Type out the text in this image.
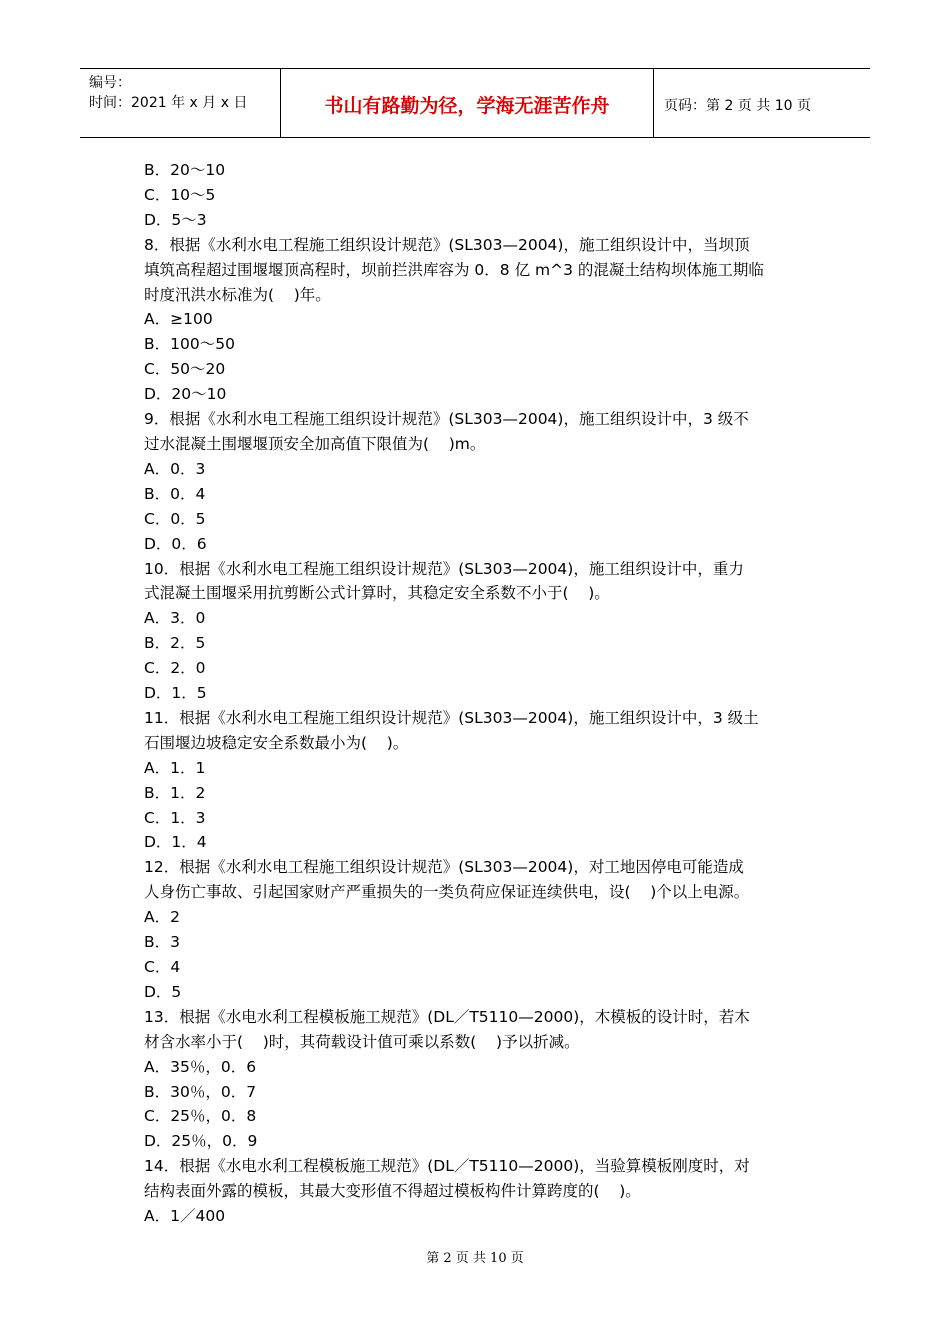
编号：
时间：2021 年 x 月 x 日	书山有路勤为径，学海无涯苦作舟	页码：第 2 页 共 10 页

B．20～10

C．10～5

D．5～3

8．根据《水利水电工程施工组织设计规范》(SL303—2004)，施工组织设计中，当坝顶

填筑高程超过围堰堰顶高程时，坝前拦洪库容为 0．8 亿 m^3 的混凝土结构坝体施工期临

时度汛洪水标准为(    )年。

A．≥100

B．100～50

C．50～20

D．20～10

9．根据《水利水电工程施工组织设计规范》(SL303—2004)，施工组织设计中，3 级不

过水混凝土围堰堰顶安全加高值下限值为(    )m。

A．0．3

B．0．4

C．0．5

D．0．6

10．根据《水利水电工程施工组织设计规范》(SL303—2004)，施工组织设计中，重力

式混凝土围堰采用抗剪断公式计算时，其稳定安全系数不小于(    )。

A．3．0

B．2．5

C．2．0

D．1．5

11．根据《水利水电工程施工组织设计规范》(SL303—2004)，施工组织设计中，3 级土

石围堰边坡稳定安全系数最小为(    )。

A．1．1

B．1．2

C．1．3

D．1．4

12．根据《水利水电工程施工组织设计规范》(SL303—2004)，对工地因停电可能造成

人身伤亡事故、引起国家财产严重损失的一类负荷应保证连续供电，设(    )个以上电源。

A．2

B．3

C．4

D．5

13．根据《水电水利工程模板施工规范》(DL／T5110—2000)，木模板的设计时，若木

材含水率小于(    )时，其荷载设计值可乘以系数(    )予以折减。

A．35％，0．6

B．30％，0．7

C．25％，0．8

D．25％，0．9

14．根据《水电水利工程模板施工规范》(DL／T5110—2000)，当验算模板刚度时，对

结构表面外露的模板，其最大变形值不得超过模板构件计算跨度的(    )。

A．1／400

第 2 页 共 10 页
